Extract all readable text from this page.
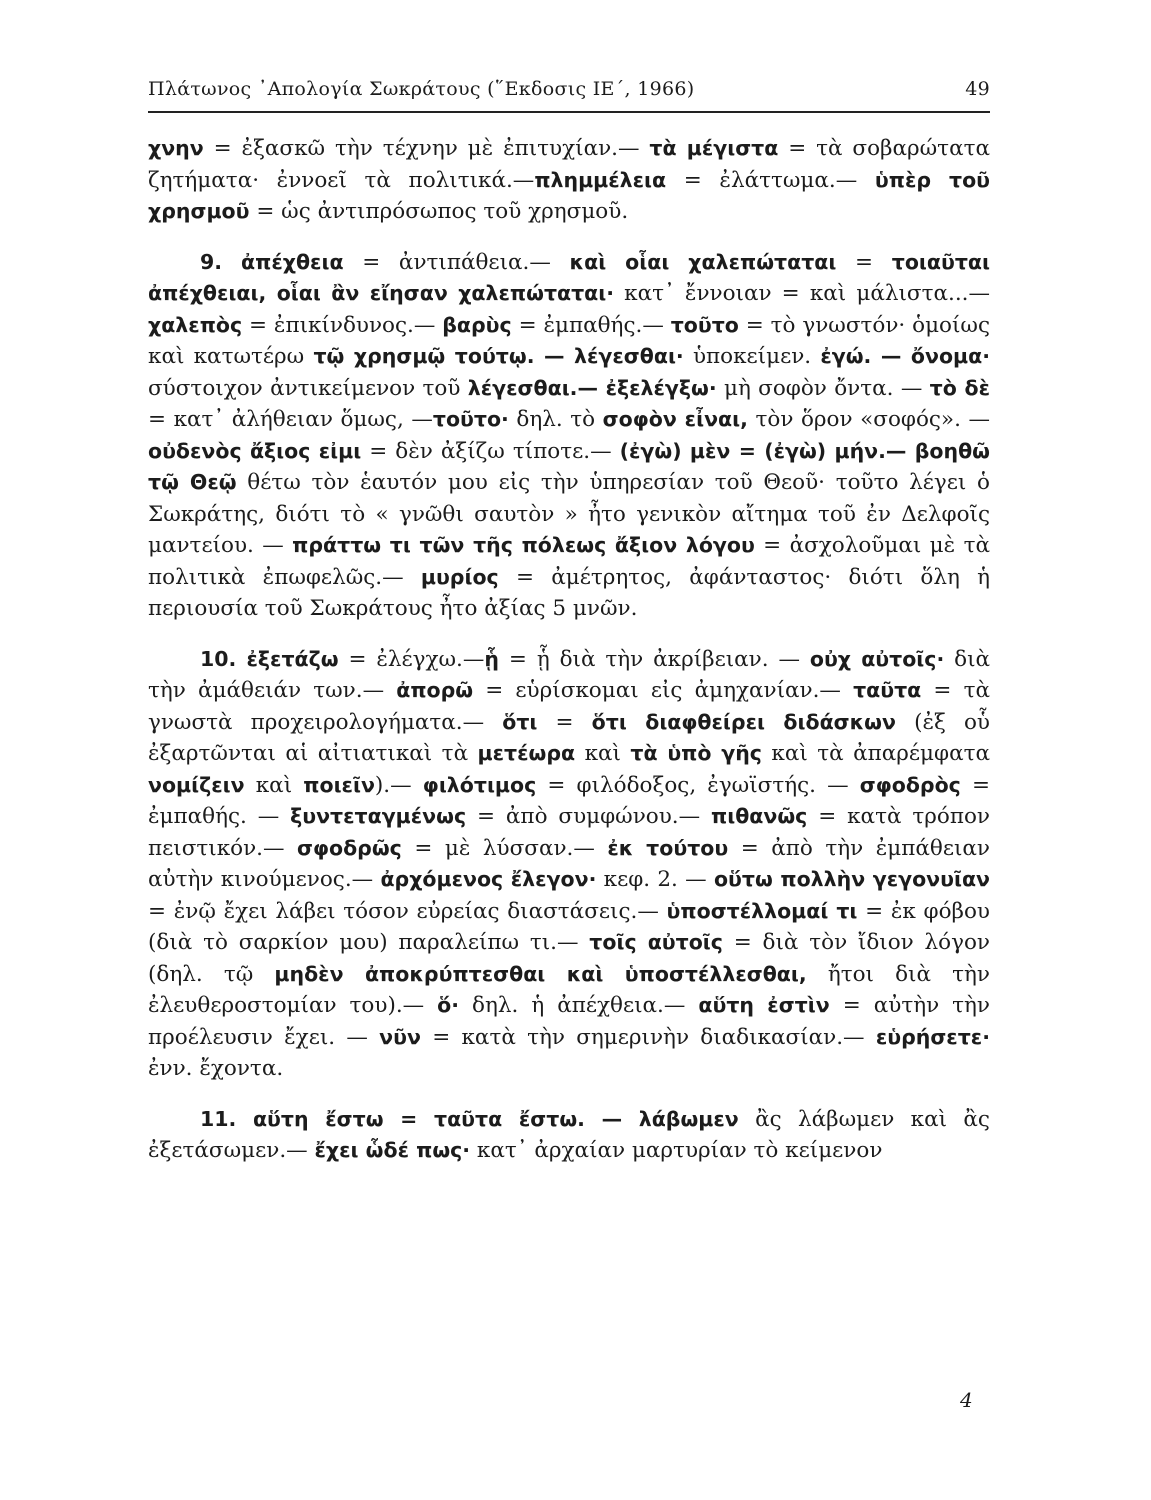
Πλάτωνος ᾿Απολογία Σωκράτους (῞Εκδοσις ΙΕ΄, 1966)	49

χνην = ἐξασκῶ τὴν τέχνην μὲ ἐπιτυχίαν.— τὰ μέγιστα = τὰ σοβαρώτατα ζητήματα· ἐννοεῖ τὰ πολιτικά.—πλημμέλεια = ἐλάττωμα.— ὑπὲρ τοῦ χρησμοῦ = ὡς ἀντιπρόσωπος τοῦ χρησμοῦ.

9. ἀπέχθεια = ἀντιπάθεια.— καὶ οἷαι χαλεπώταται = τοιαῦται ἀπέχθειαι, οἷαι ἂν εἴησαν χαλεπώταται· κατ᾿ ἔννοιαν = καὶ μάλιστα...— χαλεπὸς = ἐπικίνδυνος.— βαρὺς = ἐμπαθής.— τοῦτο = τὸ γνωστόν· ὁμοίως καὶ κατωτέρω τῷ χρησμῷ τούτῳ. — λέγεσθαι· ὑποκείμεν. ἐγώ. — ὄνομα· σύστοιχον ἀντικείμενον τοῦ λέγεσθαι.— ἐξελέγξω· μὴ σοφὸν ὄντα. — τὸ δὲ = κατ᾿ ἀλήθειαν ὅμως, —τοῦτο· δηλ. τὸ σοφὸν εἶναι, τὸν ὅρον «σοφός». — οὐδενὸς ἄξιος εἰμι = δὲν ἀξίζω τίποτε.— (ἐγὼ) μὲν = (ἐγὼ) μήν.— βοηθῶ τῷ Θεῷ θέτω τὸν ἑαυτόν μου εἰς τὴν ὑπηρεσίαν τοῦ Θεοῦ· τοῦτο λέγει ὁ Σωκράτης, διότι τὸ « γνῶθι σαυτὸν » ἦτο γενικὸν αἴτημα τοῦ ἐν Δελφοῖς μαντείου. — πράττω τι τῶν τῆς πόλεως ἄξιον λόγου = ἀσχολοῦμαι μὲ τὰ πολιτικὰ ἐπωφελῶς.— μυρίος = ἀμέτρητος, ἀφάνταστος· διότι ὅλη ἡ περιουσία τοῦ Σωκράτους ἦτο ἀξίας 5 μνῶν.

10. ἐξετάζω = ἐλέγχω.—ᾗ = ᾗ διὰ τὴν ἀκρίβειαν. — οὐχ αὐτοῖς· διὰ τὴν ἀμάθειάν των.— ἀπορῶ = εὑρίσκομαι εἰς ἀμηχανίαν.— ταῦτα = τὰ γνωστὰ προχειρολογήματα.— ὅτι = ὅτι διαφθείρει διδάσκων (ἐξ οὗ ἐξαρτῶνται αἱ αἰτιατικαὶ τὰ μετέωρα καὶ τὰ ὑπὸ γῆς καὶ τὰ ἀπαρέμφατα νομίζειν καὶ ποιεῖν).— φιλότιμος = φιλόδοξος, ἐγωϊστής. — σφοδρὸς = ἐμπαθής. — ξυντεταγμένως = ἀπὸ συμφώνου.— πιθανῶς = κατὰ τρόπον πειστικόν.— σφοδρῶς = μὲ λύσσαν.— ἐκ τούτου = ἀπὸ τὴν ἐμπάθειαν αὐτὴν κινούμενος.— ἀρχόμενος ἔλεγον· κεφ. 2. — οὕτω πολλὴν γεγονυῖαν = ἐνῷ ἔχει λάβει τόσον εὐρείας διαστάσεις.— ὑποστέλλομαί τι = ἐκ φόβου (διὰ τὸ σαρκίον μου) παραλείπω τι.— τοῖς αὐτοῖς = διὰ τὸν ἴδιον λόγον (δηλ. τῷ μηδὲν ἀποκρύπτεσθαι καὶ ὑποστέλλεσθαι, ἤτοι διὰ τὴν ἐλευθεροστομίαν του).— ὅ· δηλ. ἡ ἀπέχθεια.— αὕτη ἐστὶν = αὐτὴν τὴν προέλευσιν ἔχει. — νῦν = κατὰ τὴν σημερινὴν διαδικασίαν.— εὑρήσετε· ἐνν. ἔχοντα.

11. αὕτη ἔστω = ταῦτα ἔστω. — λάβωμεν ἂς λάβωμεν καὶ ἂς ἐξετάσωμεν.— ἔχει ὧδέ πως· κατ᾿ ἀρχαίαν μαρτυρίαν τὸ κείμενον

4
